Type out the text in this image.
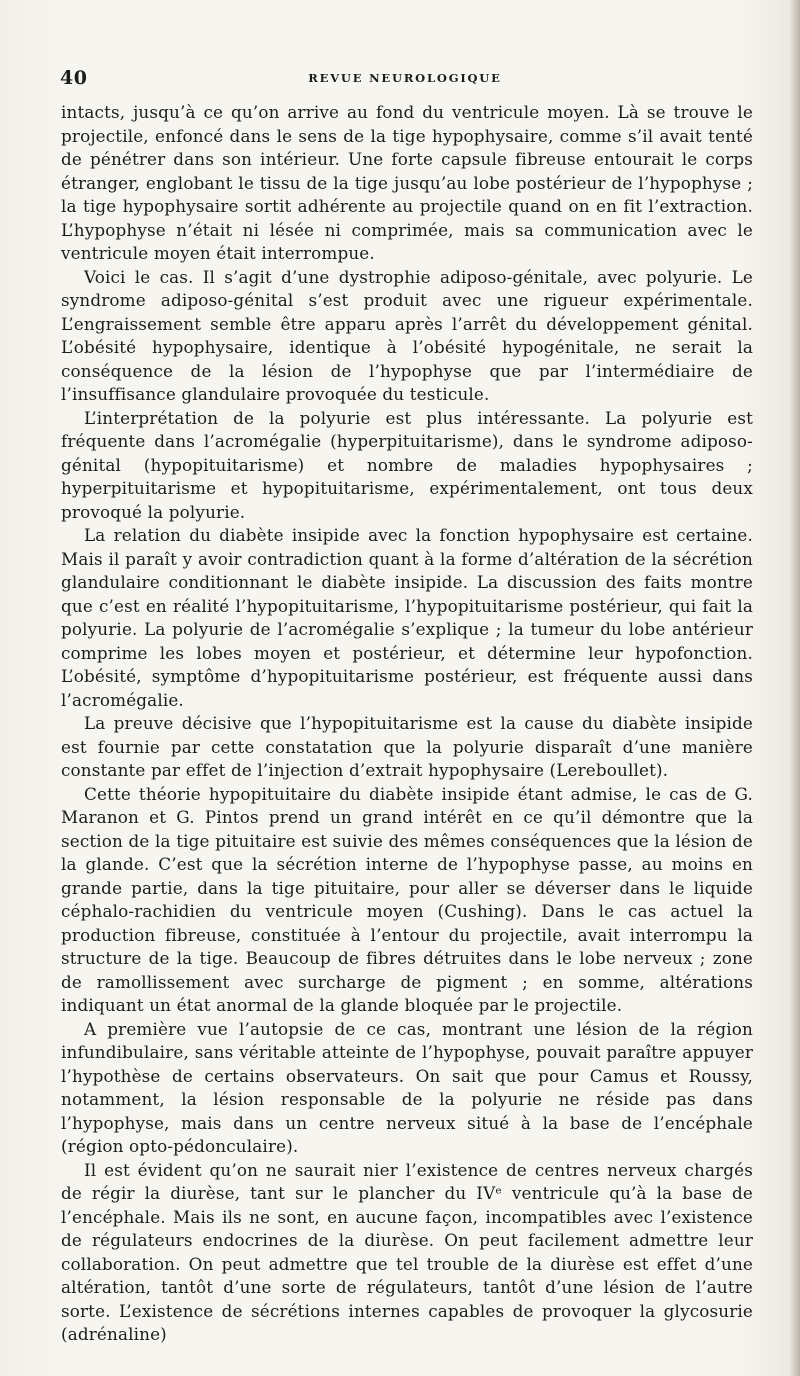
40	REVUE NEUROLOGIQUE

intacts, jusqu’à ce qu’on arrive au fond du ventricule moyen. Là se trouve le projectile, enfoncé dans le sens de la tige hypophysaire, comme s’il avait tenté de pénétrer dans son intérieur. Une forte capsule fibreuse entourait le corps étranger, englobant le tissu de la tige jusqu’au lobe postérieur de l’hypophyse ; la tige hypophysaire sortit adhérente au projectile quand on en fit l’extraction. L’hypophyse n’était ni lésée ni comprimée, mais sa communication avec le ventricule moyen était interrompue.

Voici le cas. Il s’agit d’une dystrophie adiposo-génitale, avec polyurie. Le syndrome adiposo-génital s’est produit avec une rigueur expérimentale. L’engraissement semble être apparu après l’arrêt du développement génital. L’obésité hypophysaire, identique à l’obésité hypogénitale, ne serait la conséquence de la lésion de l’hypophyse que par l’intermédiaire de l’insuffisance glandulaire provoquée du testicule.

L’interprétation de la polyurie est plus intéressante. La polyurie est fréquente dans l’acromégalie (hyperpituitarisme), dans le syndrome adiposo-génital (hypopituitarisme) et nombre de maladies hypophysaires ; hyperpituitarisme et hypopituitarisme, expérimentalement, ont tous deux provoqué la polyurie.

La relation du diabète insipide avec la fonction hypophysaire est certaine. Mais il paraît y avoir contradiction quant à la forme d’altération de la sécrétion glandulaire conditionnant le diabète insipide. La discussion des faits montre que c’est en réalité l’hypopituitarisme, l’hypopituitarisme postérieur, qui fait la polyurie. La polyurie de l’acromégalie s’explique ; la tumeur du lobe antérieur comprime les lobes moyen et postérieur, et détermine leur hypofonction. L’obésité, symptôme d’hypopituitarisme postérieur, est fréquente aussi dans l’acromégalie.

La preuve décisive que l’hypopituitarisme est la cause du diabète insipide est fournie par cette constatation que la polyurie disparaît d’une manière constante par effet de l’injection d’extrait hypophysaire (Lereboullet).

Cette théorie hypopituitaire du diabète insipide étant admise, le cas de G. Maranon et G. Pintos prend un grand intérêt en ce qu’il démontre que la section de la tige pituitaire est suivie des mêmes conséquences que la lésion de la glande. C’est que la sécrétion interne de l’hypophyse passe, au moins en grande partie, dans la tige pituitaire, pour aller se déverser dans le liquide céphalo-rachidien du ventricule moyen (Cushing). Dans le cas actuel la production fibreuse, constituée à l’entour du projectile, avait interrompu la structure de la tige. Beaucoup de fibres détruites dans le lobe nerveux ; zone de ramollissement avec surcharge de pigment ; en somme, altérations indiquant un état anormal de la glande bloquée par le projectile.

A première vue l’autopsie de ce cas, montrant une lésion de la région infundibulaire, sans véritable atteinte de l’hypophyse, pouvait paraître appuyer l’hypothèse de certains observateurs. On sait que pour Camus et Roussy, notamment, la lésion responsable de la polyurie ne réside pas dans l’hypophyse, mais dans un centre nerveux situé à la base de l’encéphale (région opto-pédonculaire).

Il est évident qu’on ne saurait nier l’existence de centres nerveux chargés de régir la diurèse, tant sur le plancher du IVᵉ ventricule qu’à la base de l’encéphale. Mais ils ne sont, en aucune façon, incompatibles avec l’existence de régulateurs endocrines de la diurèse. On peut facilement admettre leur collaboration. On peut admettre que tel trouble de la diurèse est effet d’une altération, tantôt d’une sorte de régulateurs, tantôt d’une lésion de l’autre sorte. L’existence de sécrétions internes capables de provoquer la glycosurie (adrénaline)
